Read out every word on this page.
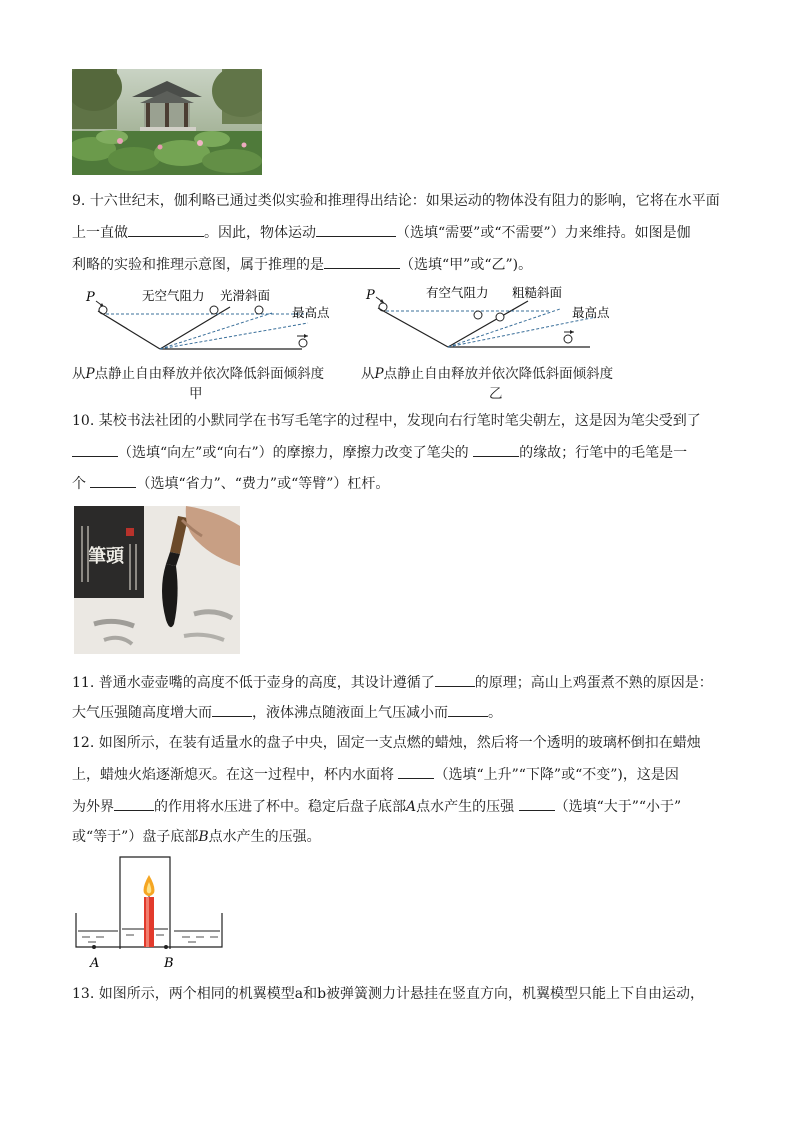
9. 十六世纪末，伽利略已通过类似实验和推理得出结论：如果运动的物体没有阻力的影响，它将在水平面
上一直做	。因此，物体运动	（选填“需要”或“不需要”）力来维持。如图是伽
利略的实验和推理示意图，属于推理的是	（选填“甲”或“乙”)。
P	无空气阻力 光滑斜面
最高点
从P点静止自由释放并依次降低斜面倾斜度
甲
P	有空气阻力 粗糙斜面
最高点
从P点静止自由释放并依次降低斜面倾斜度
乙
10. 某校书法社团的小默同学在书写毛笔字的过程中，发现向右行笔时笔尖朝左，这是因为笔尖受到了
（选填“向左”或“向右”）的摩擦力，摩擦力改变了笔尖的	的缘故；行笔中的毛笔是一
个	（选填“省力”、“费力”或“等臂”）杠杆。
筆頭
11. 普通水壶壶嘴的高度不低于壶身的高度，其设计遵循了	的原理；高山上鸡蛋煮不熟的原因是：
大气压强随高度增大而	，液体沸点随液面上气压减小而	。
12. 如图所示，在装有适量水的盘子中央，固定一支点燃的蜡烛，然后将一个透明的玻璃杯倒扣在蜡烛
上，蜡烛火焰逐渐熄灭。在这一过程中，杯内水面将	（选填“上升”“下降”或“不变”)，这是因
为外界	的作用将水压进了杯中。稳定后盘子底部A点水产生的压强	（选填“大于”“小于”
或“等于”）盘子底部B点水产生的压强。
A	B
13. 如图所示，两个相同的机翼模型a和b被弹簧测力计悬挂在竖直方向，机翼模型只能上下自由运动，
